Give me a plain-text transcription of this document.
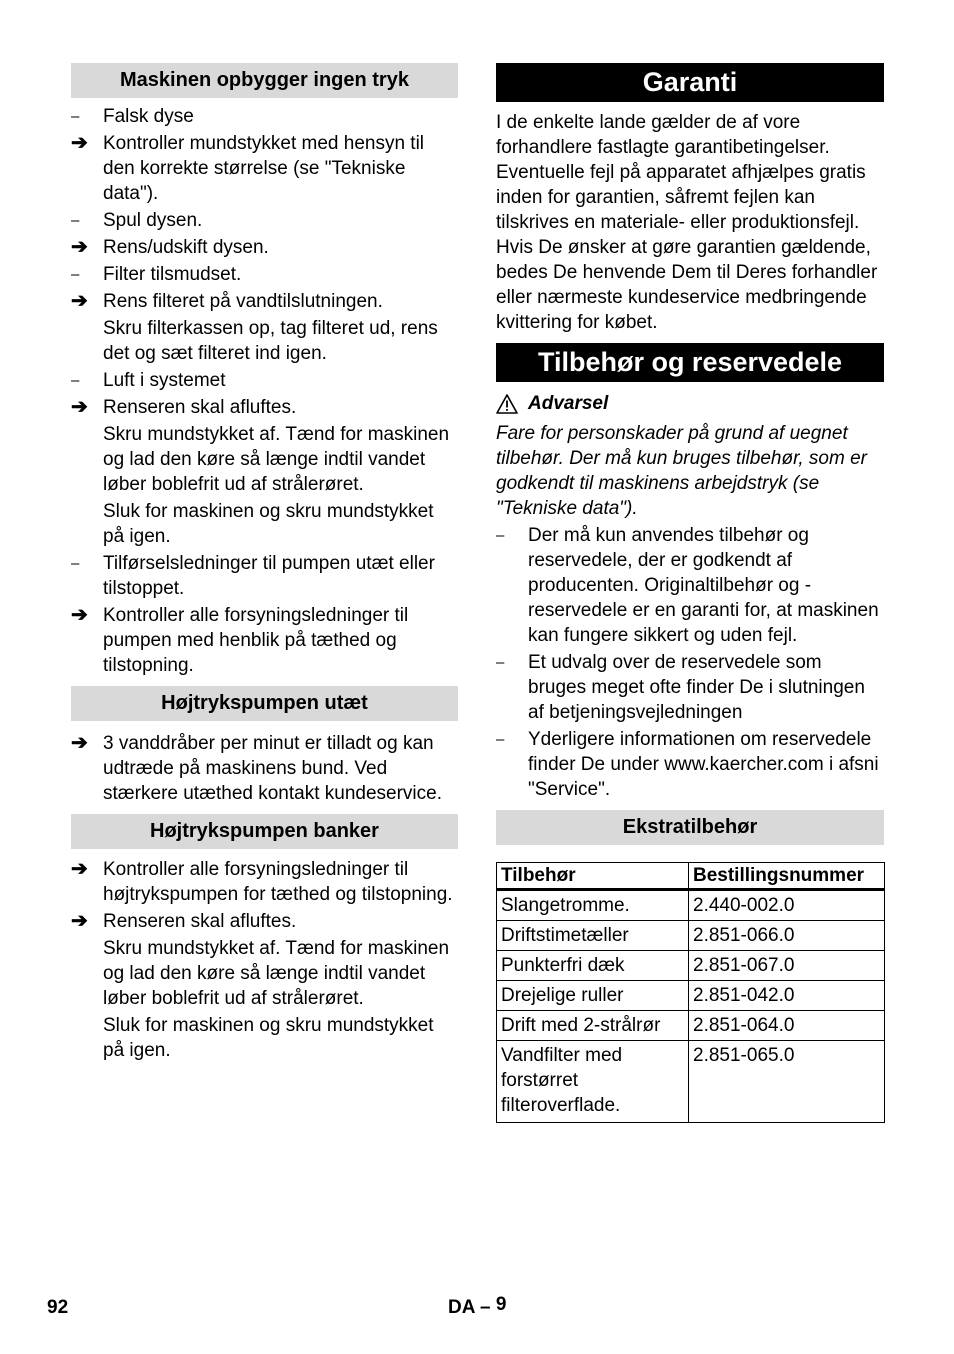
Maskinen opbygger ingen tryk
–	Falsk dyse
➔ Kontroller mundstykket med hensyn til den korrekte størrelse (se "Tekniske data").
–	Spul dysen.
➔ Rens/udskift dysen.
–	Filter tilsmudset.
➔ Rens filteret på vandtilslutningen.
Skru filterkassen op, tag filteret ud, rens det og sæt filteret ind igen.
–	Luft i systemet
➔ Renseren skal afluftes.
Skru mundstykket af. Tænd for maskinen og lad den køre så længe indtil vandet løber boblefrit ud af strålerøret.
Sluk for maskinen og skru mundstykket på igen.
–	Tilførselsledninger til pumpen utæt eller tilstoppet.
➔ Kontroller alle forsyningsledninger til pumpen med henblik på tæthed og tilstopning.
Højtrykspumpen utæt
➔ 3 vanddråber per minut er tilladt og kan udtræde på maskinens bund. Ved stærkere utæthed kontakt kundeservice.
Højtrykspumpen banker
➔ Kontroller alle forsyningsledninger til højtrykspumpen for tæthed og tilstopning.
➔ Renseren skal afluftes.
Skru mundstykket af. Tænd for maskinen og lad den køre så længe indtil vandet løber boblefrit ud af strålerøret.
Sluk for maskinen og skru mundstykket på igen.
Garanti
I de enkelte lande gælder de af vore forhandlere fastlagte garantibetingelser. Eventuelle fejl på apparatet afhjælpes gratis inden for garantien, såfremt fejlen kan tilskrives en materiale- eller produktionsfejl. Hvis De ønsker at gøre garantien gældende, bedes De henvende Dem til Deres forhandler eller nærmeste kundeservice medbringende kvittering for købet.
Tilbehør og reservedele
Advarsel
Fare for personskader på grund af uegnet tilbehør. Der må kun bruges tilbehør, som er godkendt til maskinens arbejdstryk (se "Tekniske data").
–	Der må kun anvendes tilbehør og reservedele, der er godkendt af producenten. Originaltilbehør og -reservedele er en garanti for, at maskinen kan fungere sikkert og uden fejl.
–	Et udvalg over de reservedele som bruges meget ofte finder De i slutningen af betjeningsvejledningen
–	Yderligere informationen om reservedele finder De under www.kaercher.com i afsni "Service".
Ekstratilbehør
Tilbehør	Bestillingsnummer
Slangetromme.	2.440-002.0
Driftstimetæller	2.851-066.0
Punkterfri dæk	2.851-067.0
Drejelige ruller	2.851-042.0
Drift med 2-strålrør	2.851-064.0
Vandfilter med forstørret filteroverflade.	2.851-065.0
92	DA – 9
